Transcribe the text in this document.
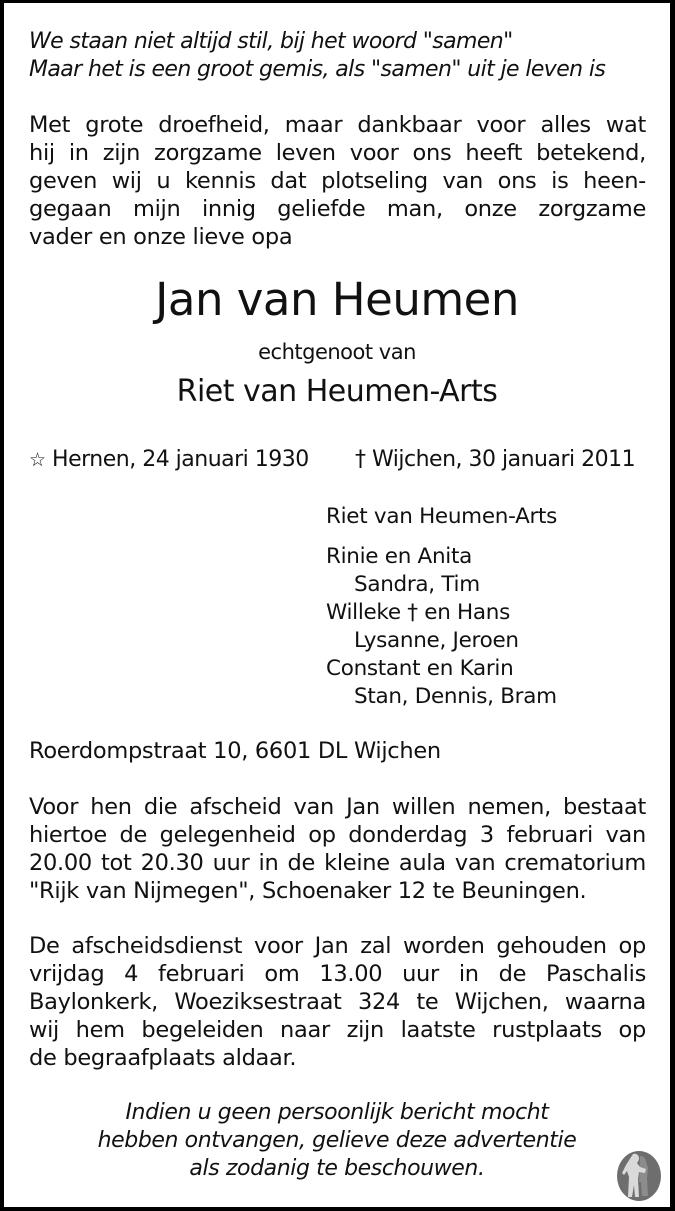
We staan niet altijd stil, bij het woord "samen"
Maar het is een groot gemis, als "samen" uit je leven is
Met grote droefheid, maar dankbaar voor alles wat
hij in zijn zorgzame leven voor ons heeft betekend,
geven wij u kennis dat plotseling van ons is heen-
gegaan mijn innig geliefde man, onze zorgzame
vader en onze lieve opa
Jan van Heumen
echtgenoot van
Riet van Heumen-Arts
☆ Hernen, 24 januari 1930 † Wijchen, 30 januari 2011
Riet van Heumen-Arts
Rinie en Anita
Sandra, Tim
Willeke † en Hans
Lysanne, Jeroen
Constant en Karin
Stan, Dennis, Bram
Roerdompstraat 10, 6601 DL Wijchen
Voor hen die afscheid van Jan willen nemen, bestaat
hiertoe de gelegenheid op donderdag 3 februari van
20.00 tot 20.30 uur in de kleine aula van crematorium
"Rijk van Nijmegen", Schoenaker 12 te Beuningen.
De afscheidsdienst voor Jan zal worden gehouden op
vrijdag 4 februari om 13.00 uur in de Paschalis
Baylonkerk, Woeziksestraat 324 te Wijchen, waarna
wij hem begeleiden naar zijn laatste rustplaats op
de begraafplaats aldaar.
Indien u geen persoonlijk bericht mocht
hebben ontvangen, gelieve deze advertentie
als zodanig te beschouwen.
